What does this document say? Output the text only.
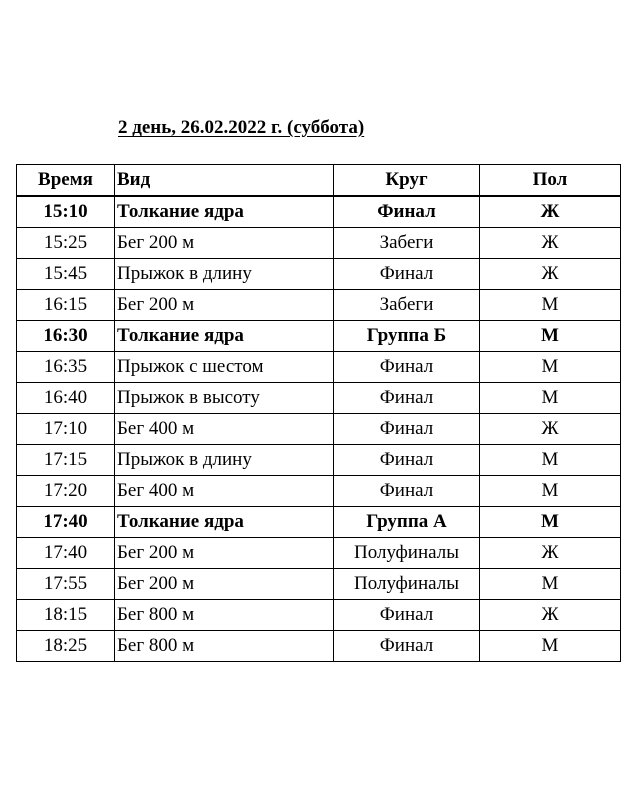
2 день, 26.02.2022 г. (суббота)
Время	Вид	Круг	Пол
15:10	Толкание ядра	Финал	Ж
15:25	Бег 200 м	Забеги	Ж
15:45	Прыжок в длину	Финал	Ж
16:15	Бег 200 м	Забеги	М
16:30	Толкание ядра	Группа Б	М
16:35	Прыжок с шестом	Финал	М
16:40	Прыжок в высоту	Финал	М
17:10	Бег 400 м	Финал	Ж
17:15	Прыжок в длину	Финал	М
17:20	Бег 400 м	Финал	М
17:40	Толкание ядра	Группа А	М
17:40	Бег 200 м	Полуфиналы	Ж
17:55	Бег 200 м	Полуфиналы	М
18:15	Бег 800 м	Финал	Ж
18:25	Бег 800 м	Финал	М
